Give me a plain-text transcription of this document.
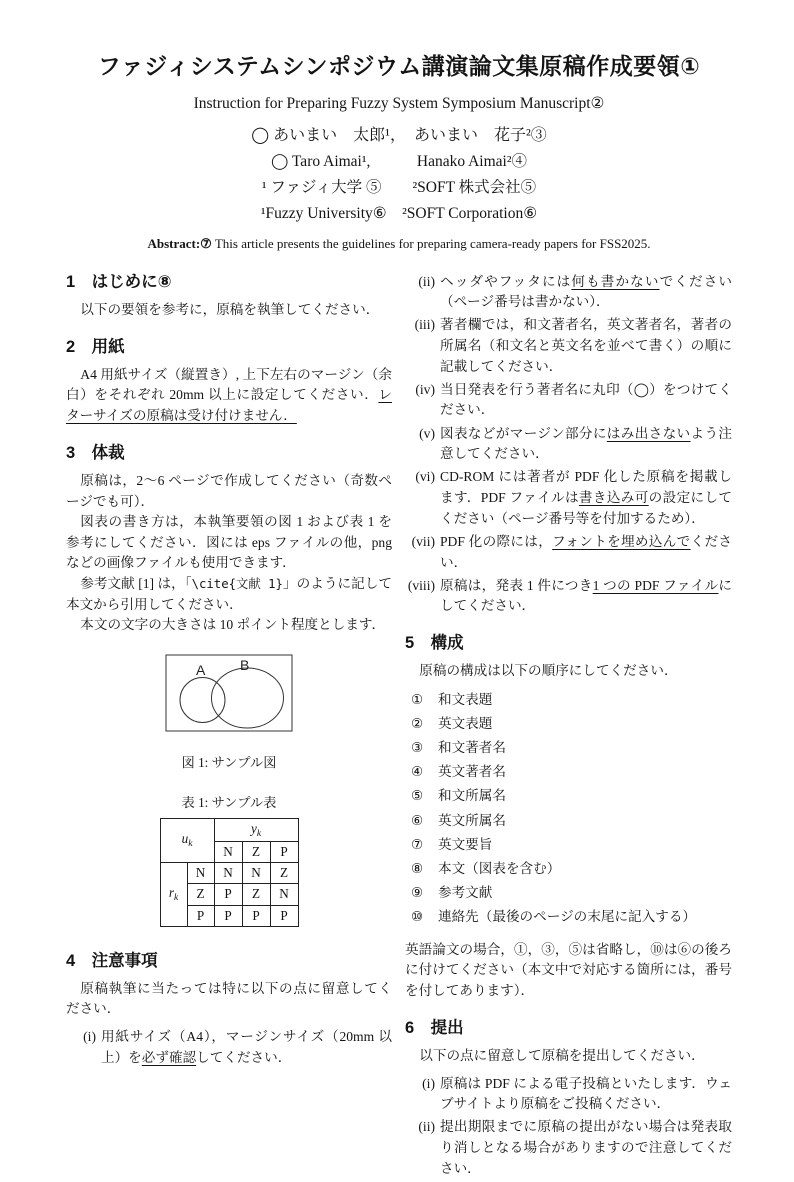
ファジィシステムシンポジウム講演論文集原稿作成要領①
Instruction for Preparing Fuzzy System Symposium Manuscript②
◯ あいまい　太郎¹，　あいまい　花子²③
◯ Taro Aimai¹,　　　Hanako Aimai²④
¹ ファジィ大学 ⑤　　²SOFT 株式会社⑤
¹Fuzzy University⑥　²SOFT Corporation⑥
Abstract:⑦ This article presents the guidelines for preparing camera-ready papers for FSS2025.
1　はじめに⑧

以下の要領を参考に，原稿を執筆してください．

2　用紙

A4 用紙サイズ（縦置き）, 上下左右のマージン（余白）をそれぞれ 20mm 以上に設定してください．レターサイズの原稿は受け付けません．

3　体裁

原稿は，2〜6 ページで作成してください（奇数ページでも可）．

図表の書き方は，本執筆要領の図 1 および表 1 を参考にしてください．図には eps ファイルの他，png などの画像ファイルも使用できます．

参考文献 [1] は，「\cite{文献 1}」のように記して本文から引用してください．

本文の文字の大きさは 10 ポイント程度とします．

A B
図 1: サンプル図
表 1: サンプル表
$u_k$		$y_k$
		N	Z	P
$r_k$	N	N	N	Z
	Z	P	Z	N
	P	P	P	P
4　注意事項

原稿執筆に当たっては特に以下の点に留意してください．

(i) 用紙サイズ（A4），マージンサイズ（20mm 以上）を必ず確認してください．
(ii) ヘッダやフッタには何も書かないでください（ページ番号は書かない）．
(iii) 著者欄では，和文著者名，英文著者名，著者の所属名（和文名と英文名を並べて書く）の順に記載してください．
(iv) 当日発表を行う著者名に丸印（◯）をつけてください．
(v) 図表などがマージン部分にはみ出さないよう注意してください．
(vi) CD-ROM には著者が PDF 化した原稿を掲載します．PDF ファイルは書き込み可の設定にしてください（ページ番号等を付加するため）．
(vii) PDF 化の際には，フォントを埋め込んでください．
(viii) 原稿は，発表 1 件につき1 つの PDF ファイルにしてください．
5　構成

原稿の構成は以下の順序にしてください．

①	和文表題
②	英文表題
③	和文著者名
④	英文著者名
⑤	和文所属名
⑥	英文所属名
⑦	英文要旨
⑧	本文（図表を含む）
⑨	参考文献
⑩	連絡先（最後のページの末尾に記入する）

英語論文の場合，①，③，⑤は省略し，⑩は⑥の後ろに付けてください（本文中で対応する箇所には，番号を付してあります）．

6　提出

以下の点に留意して原稿を提出してください．

(i) 原稿は PDF による電子投稿といたします．ウェブサイトより原稿をご投稿ください．
(ii) 提出期限までに原稿の提出がない場合は発表取り消しとなる場合がありますので注意してください．
